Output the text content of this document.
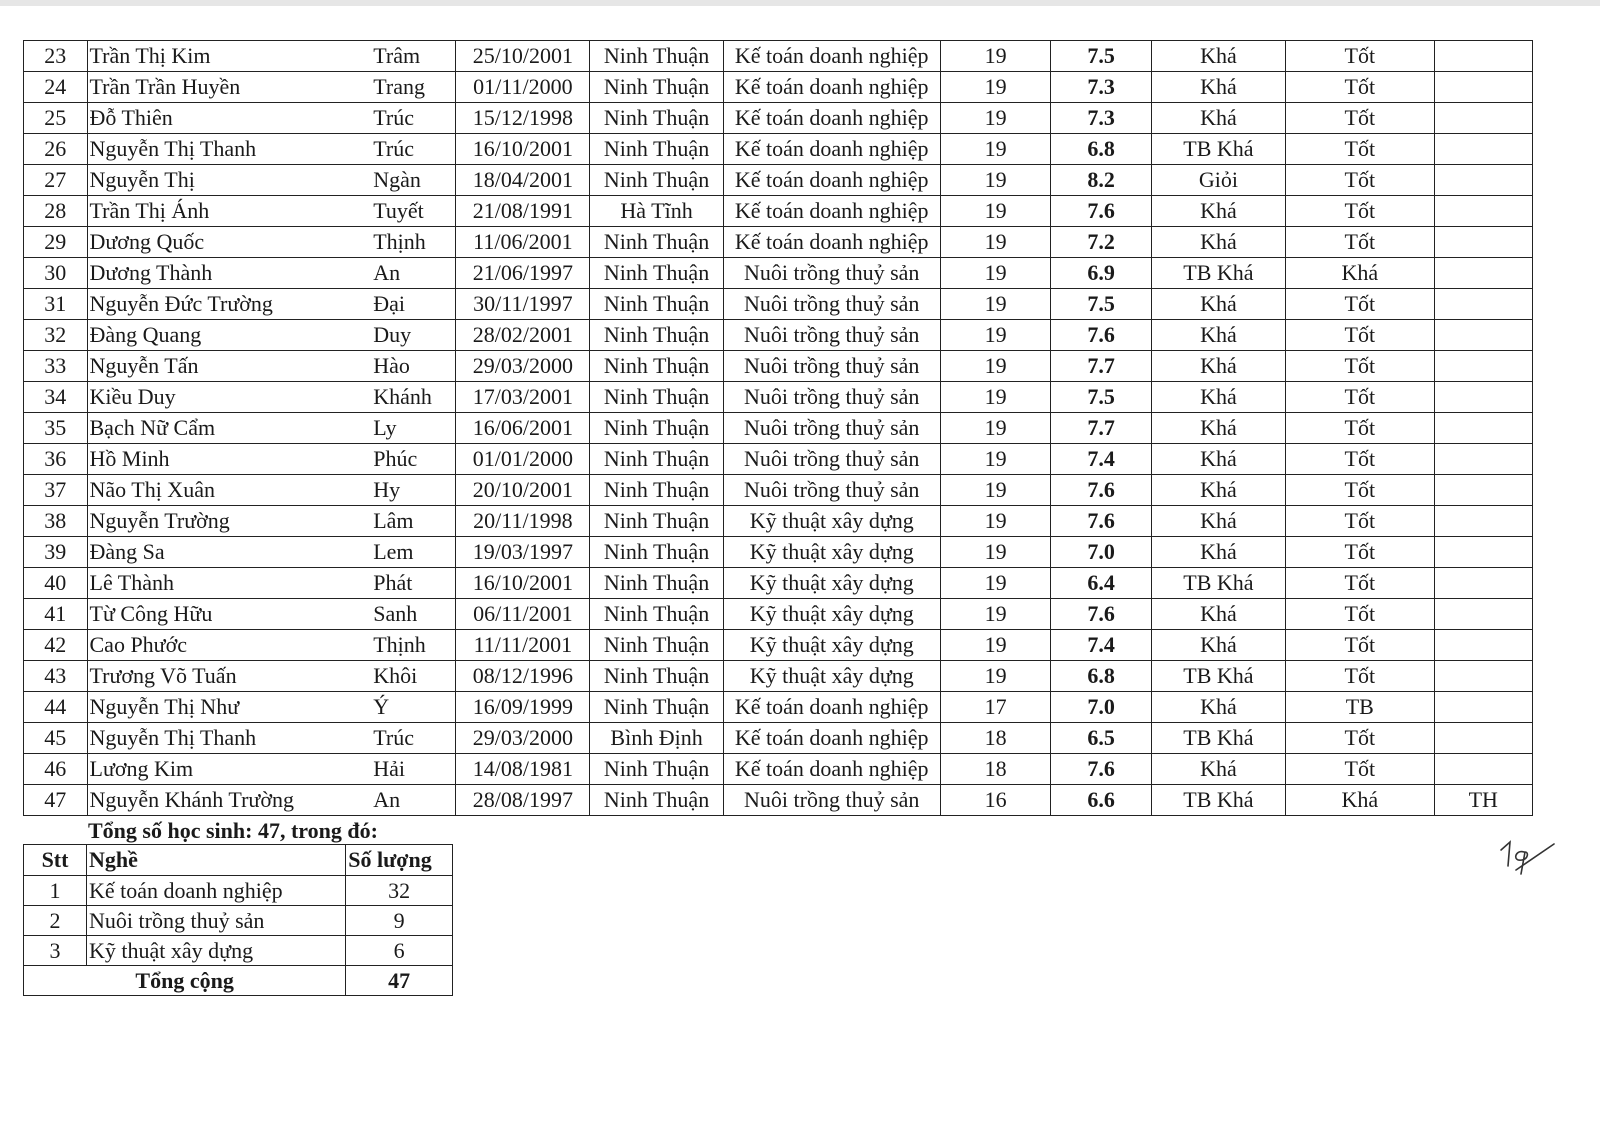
23	Trần Thị Kim	Trâm	25/10/2001	Ninh Thuận	Kế toán doanh nghiệp	19	7.5	Khá	Tốt	
24	Trần Trần Huyền	Trang	01/11/2000	Ninh Thuận	Kế toán doanh nghiệp	19	7.3	Khá	Tốt	
25	Đỗ Thiên	Trúc	15/12/1998	Ninh Thuận	Kế toán doanh nghiệp	19	7.3	Khá	Tốt	
26	Nguyễn Thị Thanh	Trúc	16/10/2001	Ninh Thuận	Kế toán doanh nghiệp	19	6.8	TB Khá	Tốt	
27	Nguyễn Thị	Ngàn	18/04/2001	Ninh Thuận	Kế toán doanh nghiệp	19	8.2	Giỏi	Tốt	
28	Trần Thị Ánh	Tuyết	21/08/1991	Hà Tĩnh	Kế toán doanh nghiệp	19	7.6	Khá	Tốt	
29	Dương Quốc	Thịnh	11/06/2001	Ninh Thuận	Kế toán doanh nghiệp	19	7.2	Khá	Tốt	
30	Dương Thành	An	21/06/1997	Ninh Thuận	Nuôi trồng thuỷ sản	19	6.9	TB Khá	Khá	
31	Nguyễn Đức Trường	Đại	30/11/1997	Ninh Thuận	Nuôi trồng thuỷ sản	19	7.5	Khá	Tốt	
32	Đàng Quang	Duy	28/02/2001	Ninh Thuận	Nuôi trồng thuỷ sản	19	7.6	Khá	Tốt	
33	Nguyễn Tấn	Hào	29/03/2000	Ninh Thuận	Nuôi trồng thuỷ sản	19	7.7	Khá	Tốt	
34	Kiều Duy	Khánh	17/03/2001	Ninh Thuận	Nuôi trồng thuỷ sản	19	7.5	Khá	Tốt	
35	Bạch Nữ Cẩm	Ly	16/06/2001	Ninh Thuận	Nuôi trồng thuỷ sản	19	7.7	Khá	Tốt	
36	Hồ Minh	Phúc	01/01/2000	Ninh Thuận	Nuôi trồng thuỷ sản	19	7.4	Khá	Tốt	
37	Não Thị Xuân	Hy	20/10/2001	Ninh Thuận	Nuôi trồng thuỷ sản	19	7.6	Khá	Tốt	
38	Nguyễn Trường	Lâm	20/11/1998	Ninh Thuận	Kỹ thuật xây dựng	19	7.6	Khá	Tốt	
39	Đàng Sa	Lem	19/03/1997	Ninh Thuận	Kỹ thuật xây dựng	19	7.0	Khá	Tốt	
40	Lê Thành	Phát	16/10/2001	Ninh Thuận	Kỹ thuật xây dựng	19	6.4	TB Khá	Tốt	
41	Từ Công Hữu	Sanh	06/11/2001	Ninh Thuận	Kỹ thuật xây dựng	19	7.6	Khá	Tốt	
42	Cao Phước	Thịnh	11/11/2001	Ninh Thuận	Kỹ thuật xây dựng	19	7.4	Khá	Tốt	
43	Trương Võ Tuấn	Khôi	08/12/1996	Ninh Thuận	Kỹ thuật xây dựng	19	6.8	TB Khá	Tốt	
44	Nguyễn Thị Như	Ý	16/09/1999	Ninh Thuận	Kế toán doanh nghiệp	17	7.0	Khá	TB	
45	Nguyễn Thị Thanh	Trúc	29/03/2000	Bình Định	Kế toán doanh nghiệp	18	6.5	TB Khá	Tốt	
46	Lương Kim	Hải	14/08/1981	Ninh Thuận	Kế toán doanh nghiệp	18	7.6	Khá	Tốt	
47	Nguyễn Khánh Trường	An	28/08/1997	Ninh Thuận	Nuôi trồng thuỷ sản	16	6.6	TB Khá	Khá	TH
Tổng số học sinh: 47, trong đó:
Stt	Nghề	Số lượng
1	Kế toán doanh nghiệp	32
2	Nuôi trồng thuỷ sản	9
3	Kỹ thuật xây dựng	6
Tổng cộng		47
